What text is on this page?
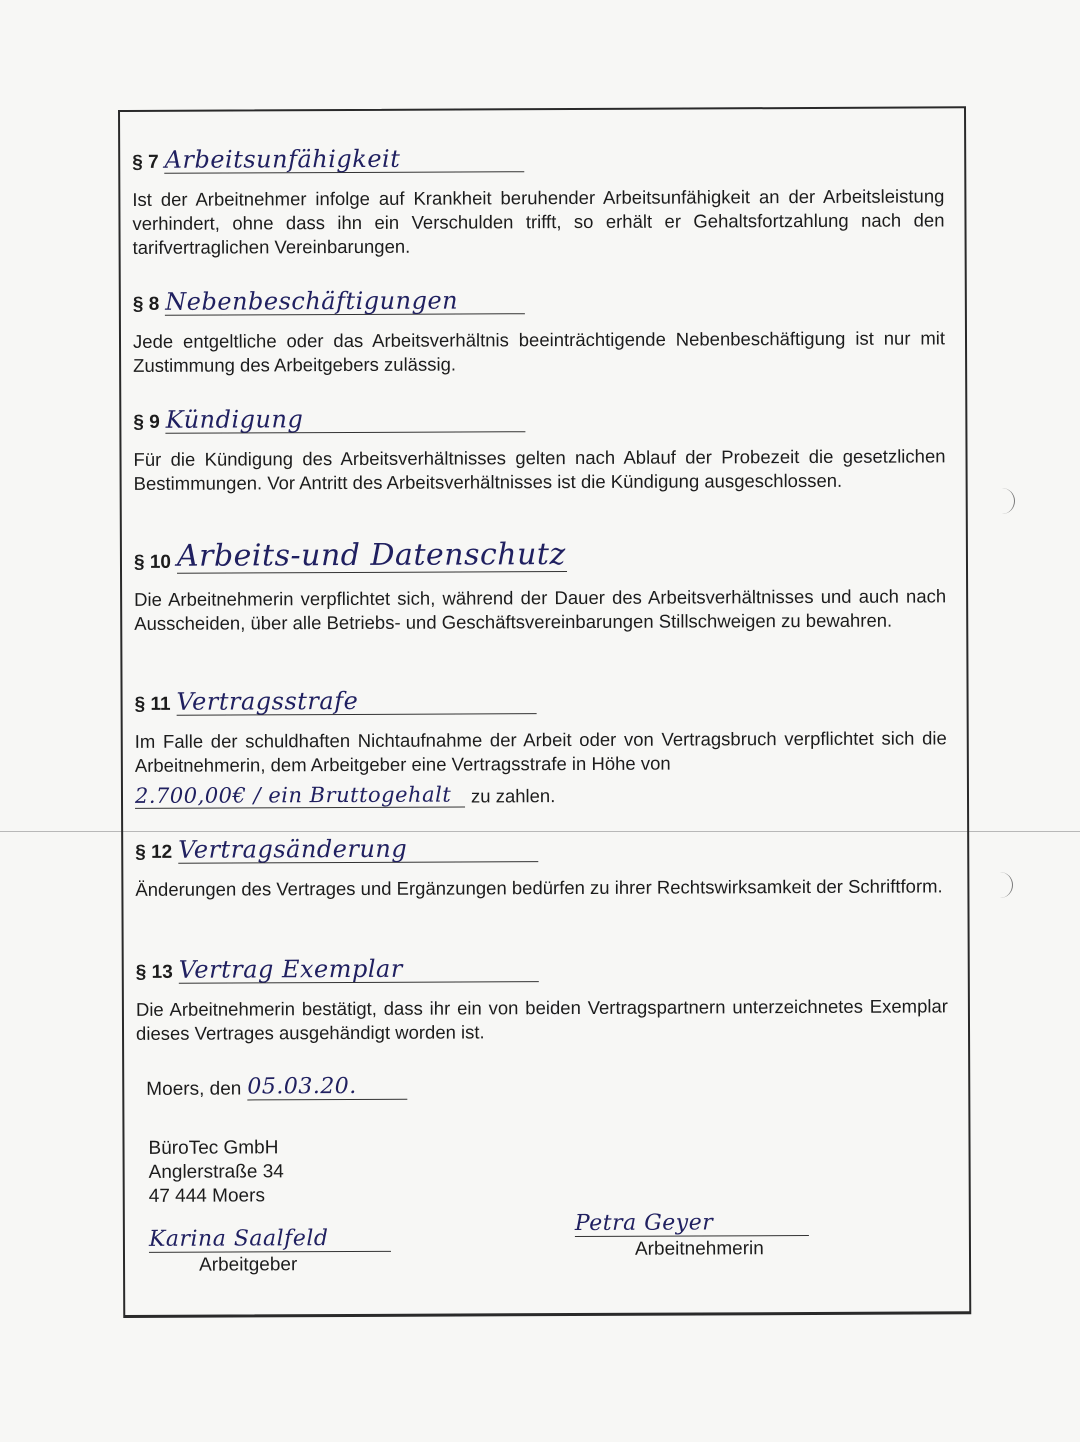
§ 7 Arbeitsunfähigkeit
Ist der Arbeitnehmer infolge auf Krankheit beruhender Arbeitsunfähigkeit an der Arbeitsleistung verhindert, ohne dass ihn ein Verschulden trifft, so erhält er Gehaltsfortzahlung nach den tarifvertraglichen Vereinbarungen.
§ 8 Nebenbeschäftigungen
Jede entgeltliche oder das Arbeitsverhältnis beeinträchtigende Nebenbeschäftigung ist nur mit Zustimmung des Arbeitgebers zulässig.
§ 9 Kündigung
Für die Kündigung des Arbeitsverhältnisses gelten nach Ablauf der Probezeit die gesetzlichen Bestimmungen. Vor Antritt des Arbeitsverhältnisses ist die Kündigung ausgeschlossen.
§ 10 Arbeits-und Datenschutz
Die Arbeitnehmerin verpflichtet sich, während der Dauer des Arbeitsverhältnisses und auch nach Ausscheiden, über alle Betriebs- und Geschäftsvereinbarungen Stillschweigen zu bewahren.
§ 11 Vertragsstrafe
Im Falle der schuldhaften Nichtaufnahme der Arbeit oder von Vertragsbruch verpflichtet sich die Arbeitnehmerin, dem Arbeitgeber eine Vertragsstrafe in Höhe von
2.700,00€ / ein Bruttogehalt zu zahlen.
§ 12 Vertragsänderung
Änderungen des Vertrages und Ergänzungen bedürfen zu ihrer Rechtswirksamkeit der Schriftform.
§ 13 Vertrag Exemplar
Die Arbeitnehmerin bestätigt, dass ihr ein von beiden Vertragspartnern unterzeichnetes Exemplar dieses Vertrages ausgehändigt worden ist.
Moers, den 05.03.20.
BüroTec GmbH
Anglerstraße 34
47 444 Moers
Karina Saalfeld
Arbeitgeber
Petra Geyer
Arbeitnehmerin
